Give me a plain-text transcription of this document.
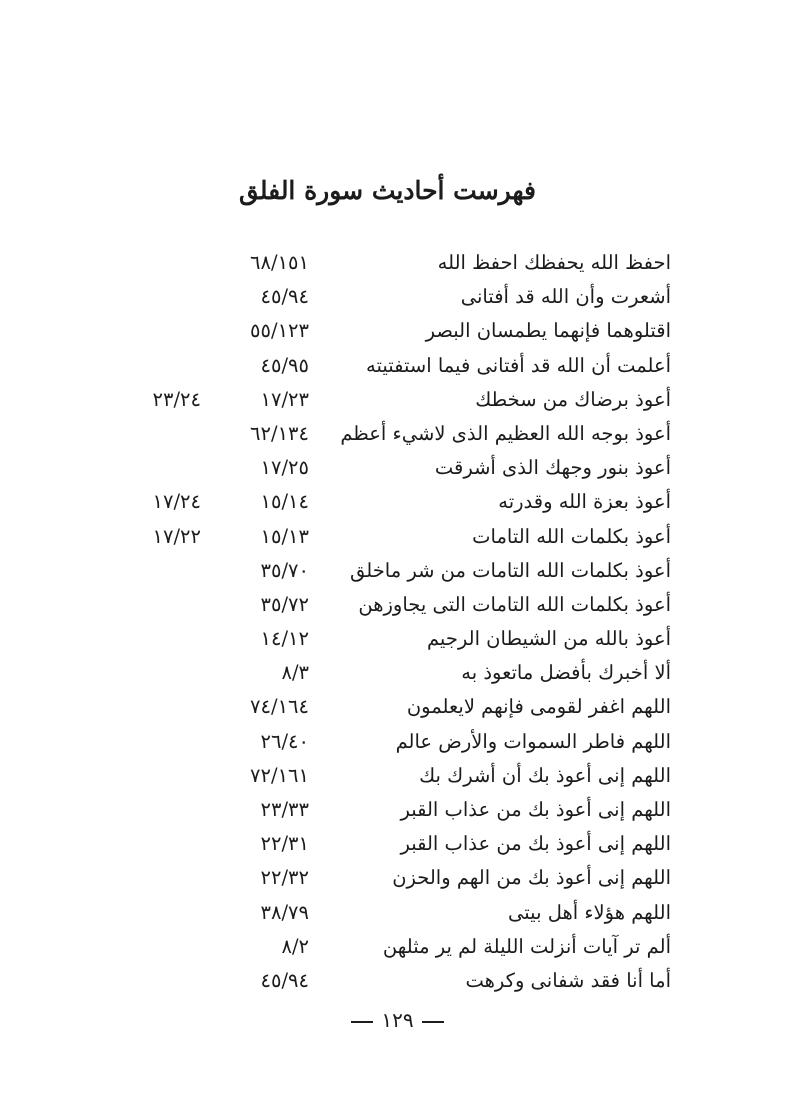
فهرست أحاديث سورة الفلق
احفظ الله يحفظك احفظ الله
٦٨/١٥١
أشعرت وأن الله قد أفتانى
٤٥/٩٤
اقتلوهما فإنهما يطمسان البصر
٥٥/١٢٣
أعلمت أن الله قد أفتانى فيما استفتيته
٤٥/٩٥
أعوذ برضاك من سخطك
١٧/٢٣
٢٣/٢٤
أعوذ بوجه الله العظيم الذى لاشيء أعظم
٦٢/١٣٤
أعوذ بنور وجهك الذى أشرقت
١٧/٢٥
أعوذ بعزة الله وقدرته
١٥/١٤
١٧/٢٤
أعوذ بكلمات الله التامات
١٥/١٣
١٧/٢٢
أعوذ بكلمات الله التامات من شر ماخلق
٣٥/٧٠
أعوذ بكلمات الله التامات التى يجاوزهن
٣٥/٧٢
أعوذ بالله من الشيطان الرجيم
١٤/١٢
ألا أخبرك بأفضل ماتعوذ به
٨/٣
اللهم اغفر لقومى فإنهم لايعلمون
٧٤/١٦٤
اللهم فاطر السموات والأرض عالم
٢٦/٤٠
اللهم إنى أعوذ بك أن أشرك بك
٧٢/١٦١
اللهم إنى أعوذ بك من عذاب القبر
٢٣/٣٣
اللهم إنى أعوذ بك من عذاب القبر
٢٢/٣١
اللهم إنى أعوذ بك من الهم والحزن
٢٢/٣٢
اللهم هؤلاء أهل بيتى
٣٨/٧٩
ألم تر آيات أنزلت الليلة لم ير مثلهن
٨/٢
أما أنا فقد شفانى وكرهت
٤٥/٩٤
١٢٩
